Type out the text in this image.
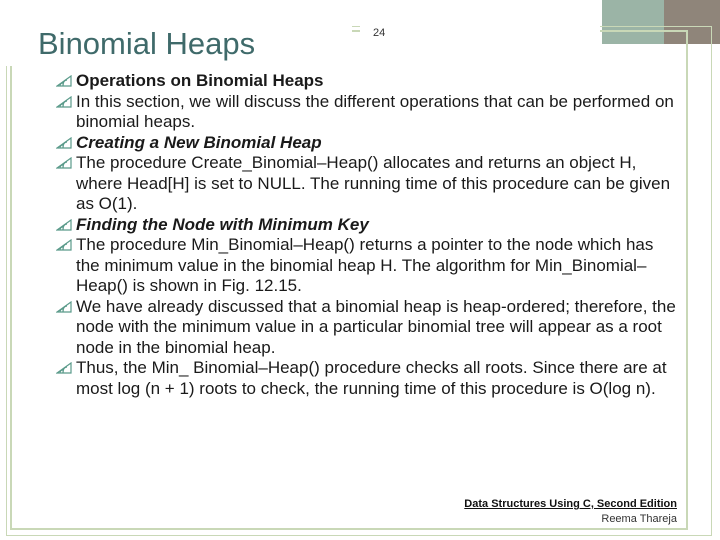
Binomial Heaps	24
Operations on Binomial Heaps
In this section, we will discuss the different operations that can be performed on binomial heaps.
Creating a New Binomial Heap
The procedure Create_Binomial–Heap() allocates and returns an object H, where Head[H] is set to NULL. The running time of this procedure can be given as O(1).
Finding the Node with Minimum Key
The procedure Min_Binomial–Heap() returns a pointer to the node which has the minimum value in the binomial heap H. The algorithm for Min_Binomial–Heap() is shown in Fig. 12.15.
We have already discussed that a binomial heap is heap-ordered; therefore, the node with the minimum value in a particular binomial tree will appear as a root node in the binomial heap.
Thus, the Min_ Binomial–Heap() procedure checks all roots. Since there are at most log (n + 1) roots to check, the running time of this procedure is O(log n).
Data Structures Using C, Second Edition
Reema Thareja
